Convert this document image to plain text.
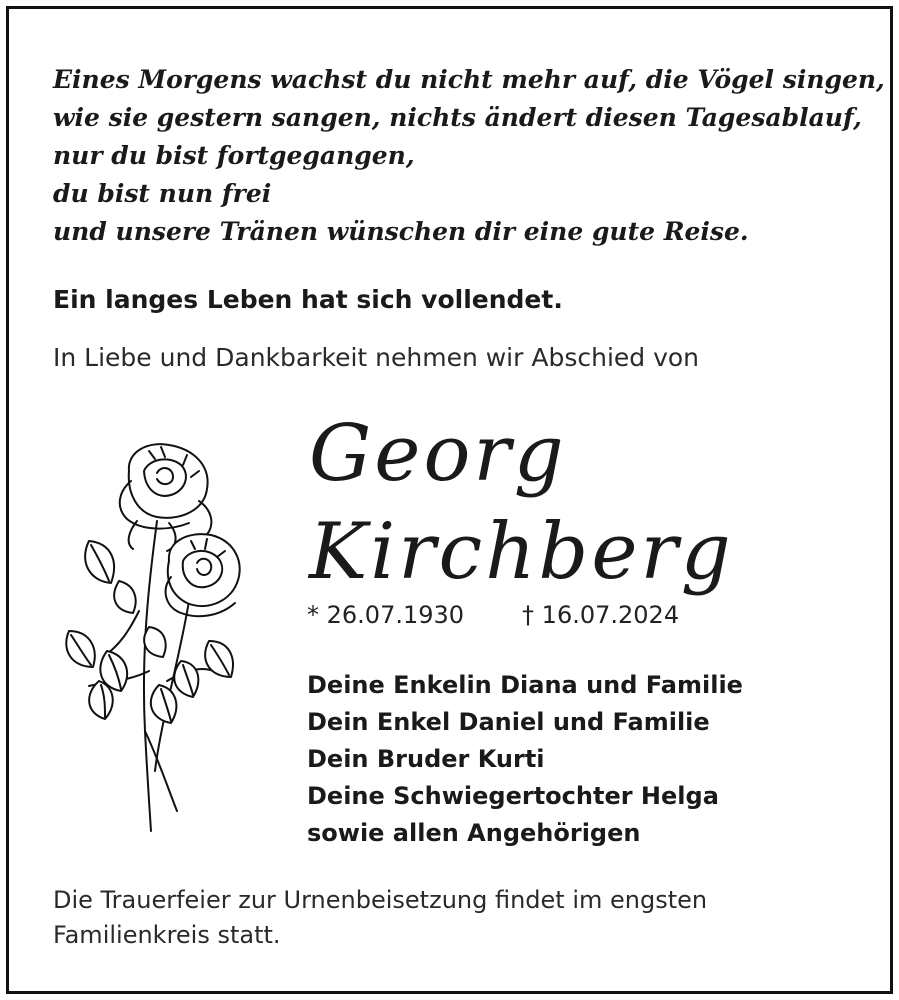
Eines Morgens wachst du nicht mehr auf, die Vögel singen,
wie sie gestern sangen, nichts ändert diesen Tagesablauf,
nur du bist fortgegangen,
du bist nun frei
und unsere Tränen wünschen dir eine gute Reise.
Ein langes Leben hat sich vollendet.
In Liebe und Dankbarkeit nehmen wir Abschied von
Georg
Kirchberg
* 26.07.1930 † 16.07.2024
Deine Enkelin Diana und Familie
Dein Enkel Daniel und Familie
Dein Bruder Kurti
Deine Schwiegertochter Helga
sowie allen Angehörigen
Die Trauerfeier zur Urnenbeisetzung findet im engsten
Familienkreis statt.
